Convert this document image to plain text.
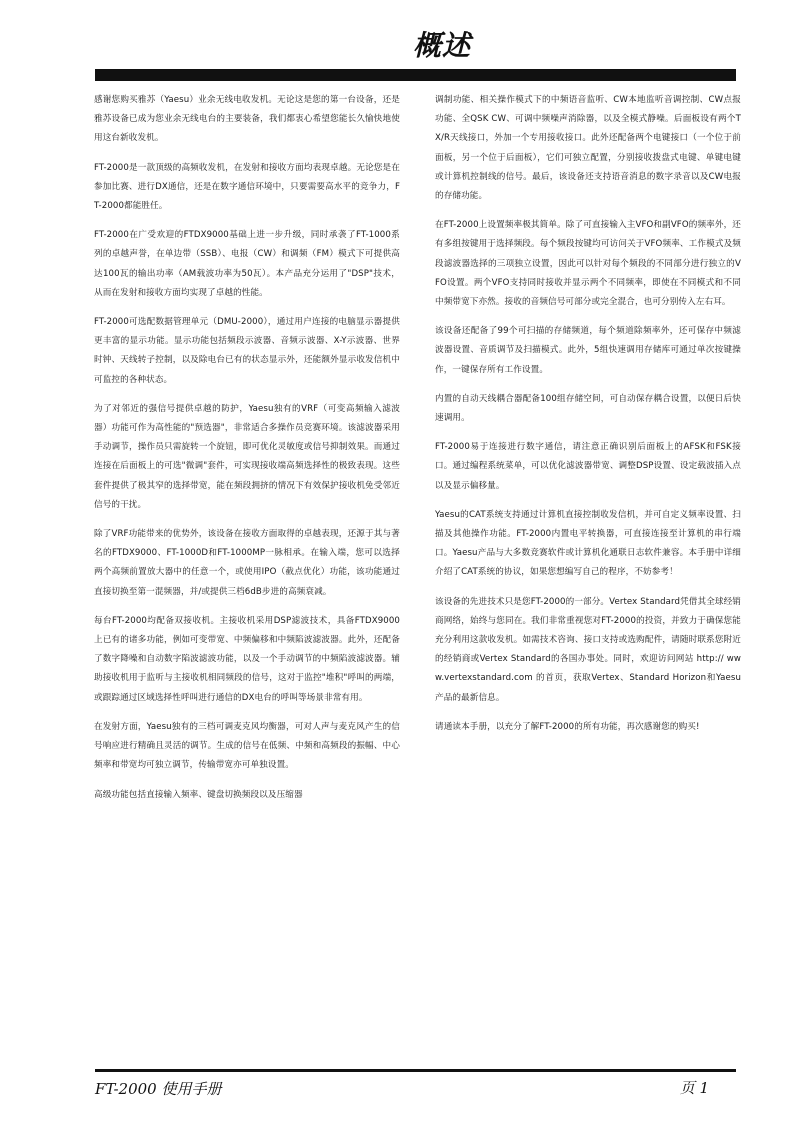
概述

感谢您购买雅苏（Yaesu）业余无线电收发机。无论这是您的第一台设备，还是雅苏设备已成为您业余无线电台的主要装备，我们都衷心希望您能长久愉快地使用这台新收发机。

FT-2000是一款顶级的高频收发机，在发射和接收方面均表现卓越。无论您是在参加比赛、进行DX通信，还是在数字通信环境中，只要需要高水平的竞争力，FT-2000都能胜任。

FT-2000在广受欢迎的FTDX9000基础上进一步升级，同时承袭了FT-1000系列的卓越声誉，在单边带（SSB）、电报（CW）和调频（FM）模式下可提供高达100瓦的输出功率（AM载波功率为50瓦）。本产品充分运用了"DSP"技术，从而在发射和接收方面均实现了卓越的性能。

FT-2000可选配数据管理单元（DMU-2000），通过用户连接的电脑显示器提供更丰富的显示功能。显示功能包括频段示波器、音频示波器、X-Y示波器、世界时钟、天线转子控制，以及除电台已有的状态显示外，还能额外显示收发信机中可监控的各种状态。

为了对邻近的强信号提供卓越的防护，Yaesu独有的VRF（可变高频输入滤波器）功能可作为高性能的"预选器"，非常适合多操作员竞赛环境。该滤波器采用手动调节，操作员只需旋转一个旋钮，即可优化灵敏度或信号抑制效果。而通过连接在后面板上的可选"微调"套件，可实现接收端高频选择性的极致表现。这些套件提供了极其窄的选择带宽，能在频段拥挤的情况下有效保护接收机免受邻近信号的干扰。

除了VRF功能带来的优势外，该设备在接收方面取得的卓越表现，还源于其与著名的FTDX9000、FT-1000D和FT-1000MP一脉相承。在输入端，您可以选择两个高频前置放大器中的任意一个，或使用IPO（截点优化）功能，该功能通过直接切换至第一混频器，并/或提供三档6dB步进的高频衰减。

每台FT-2000均配备双接收机。主接收机采用DSP滤波技术，具备FTDX9000上已有的诸多功能，例如可变带宽、中频偏移和中频陷波滤波器。此外，还配备了数字降噪和自动数字陷波滤波功能，以及一个手动调节的中频陷波滤波器。辅助接收机用于监听与主接收机相同频段的信号，这对于监控"堆积"呼叫的两端，或跟踪通过区域选择性呼叫进行通信的DX电台的呼叫等场景非常有用。

在发射方面，Yaesu独有的三档可调麦克风均衡器，可对人声与麦克风产生的信号响应进行精确且灵活的调节。生成的信号在低频、中频和高频段的振幅、中心频率和带宽均可独立调节，传输带宽亦可单独设置。

高级功能包括直接输入频率、键盘切换频段以及压缩器

调制功能、相关操作模式下的中频语音监听、CW本地监听音调控制、CW点报功能、全QSK CW、可调中频噪声消除器，以及全模式静噪。后面板设有两个TX/R天线接口，外加一个专用接收接口。此外还配备两个电键接口（一个位于前面板，另一个位于后面板），它们可独立配置，分别接收拨盘式电键、单键电键或计算机控制线的信号。最后，该设备还支持语音消息的数字录音以及CW电报的存储功能。

在FT-2000上设置频率极其简单。除了可直接输入主VFO和副VFO的频率外，还有多组按键用于选择频段。每个频段按键均可访问关于VFO频率、工作模式及频段滤波器选择的三项独立设置，因此可以针对每个频段的不同部分进行独立的VFO设置。两个VFO支持同时接收并显示两个不同频率，即使在不同模式和不同中频带宽下亦然。接收的音频信号可部分或完全混合，也可分别传入左右耳。

该设备还配备了99个可扫描的存储频道，每个频道除频率外，还可保存中频滤波器设置、音质调节及扫描模式。此外，5组快速调用存储库可通过单次按键操作，一键保存所有工作设置。

内置的自动天线耦合器配备100组存储空间，可自动保存耦合设置，以便日后快速调用。

FT-2000易于连接进行数字通信，请注意正确识别后面板上的AFSK和FSK接口。通过编程系统菜单，可以优化滤波器带宽、调整DSP设置、设定载波插入点以及显示偏移量。

Yaesu的CAT系统支持通过计算机直接控制收发信机，并可自定义频率设置、扫描及其他操作功能。FT-2000内置电平转换器，可直接连接至计算机的串行端口。Yaesu产品与大多数竞赛软件或计算机化通联日志软件兼容。本手册中详细介绍了CAT系统的协议，如果您想编写自己的程序，不妨参考！

该设备的先进技术只是您FT-2000的一部分。Vertex Standard凭借其全球经销商网络，始终与您同在。我们非常重视您对FT-2000的投资，并致力于确保您能充分利用这款收发机。如需技术咨询、接口支持或选购配件，请随时联系您附近的经销商或Vertex Standard的各国办事处。同时，欢迎访问网站 http:// www.vertexstandard.com 的首页，获取Vertex、Standard Horizon和Yaesu产品的最新信息。

请通读本手册，以充分了解FT-2000的所有功能，再次感谢您的购买!

FT-2000 使用手册	页 1
